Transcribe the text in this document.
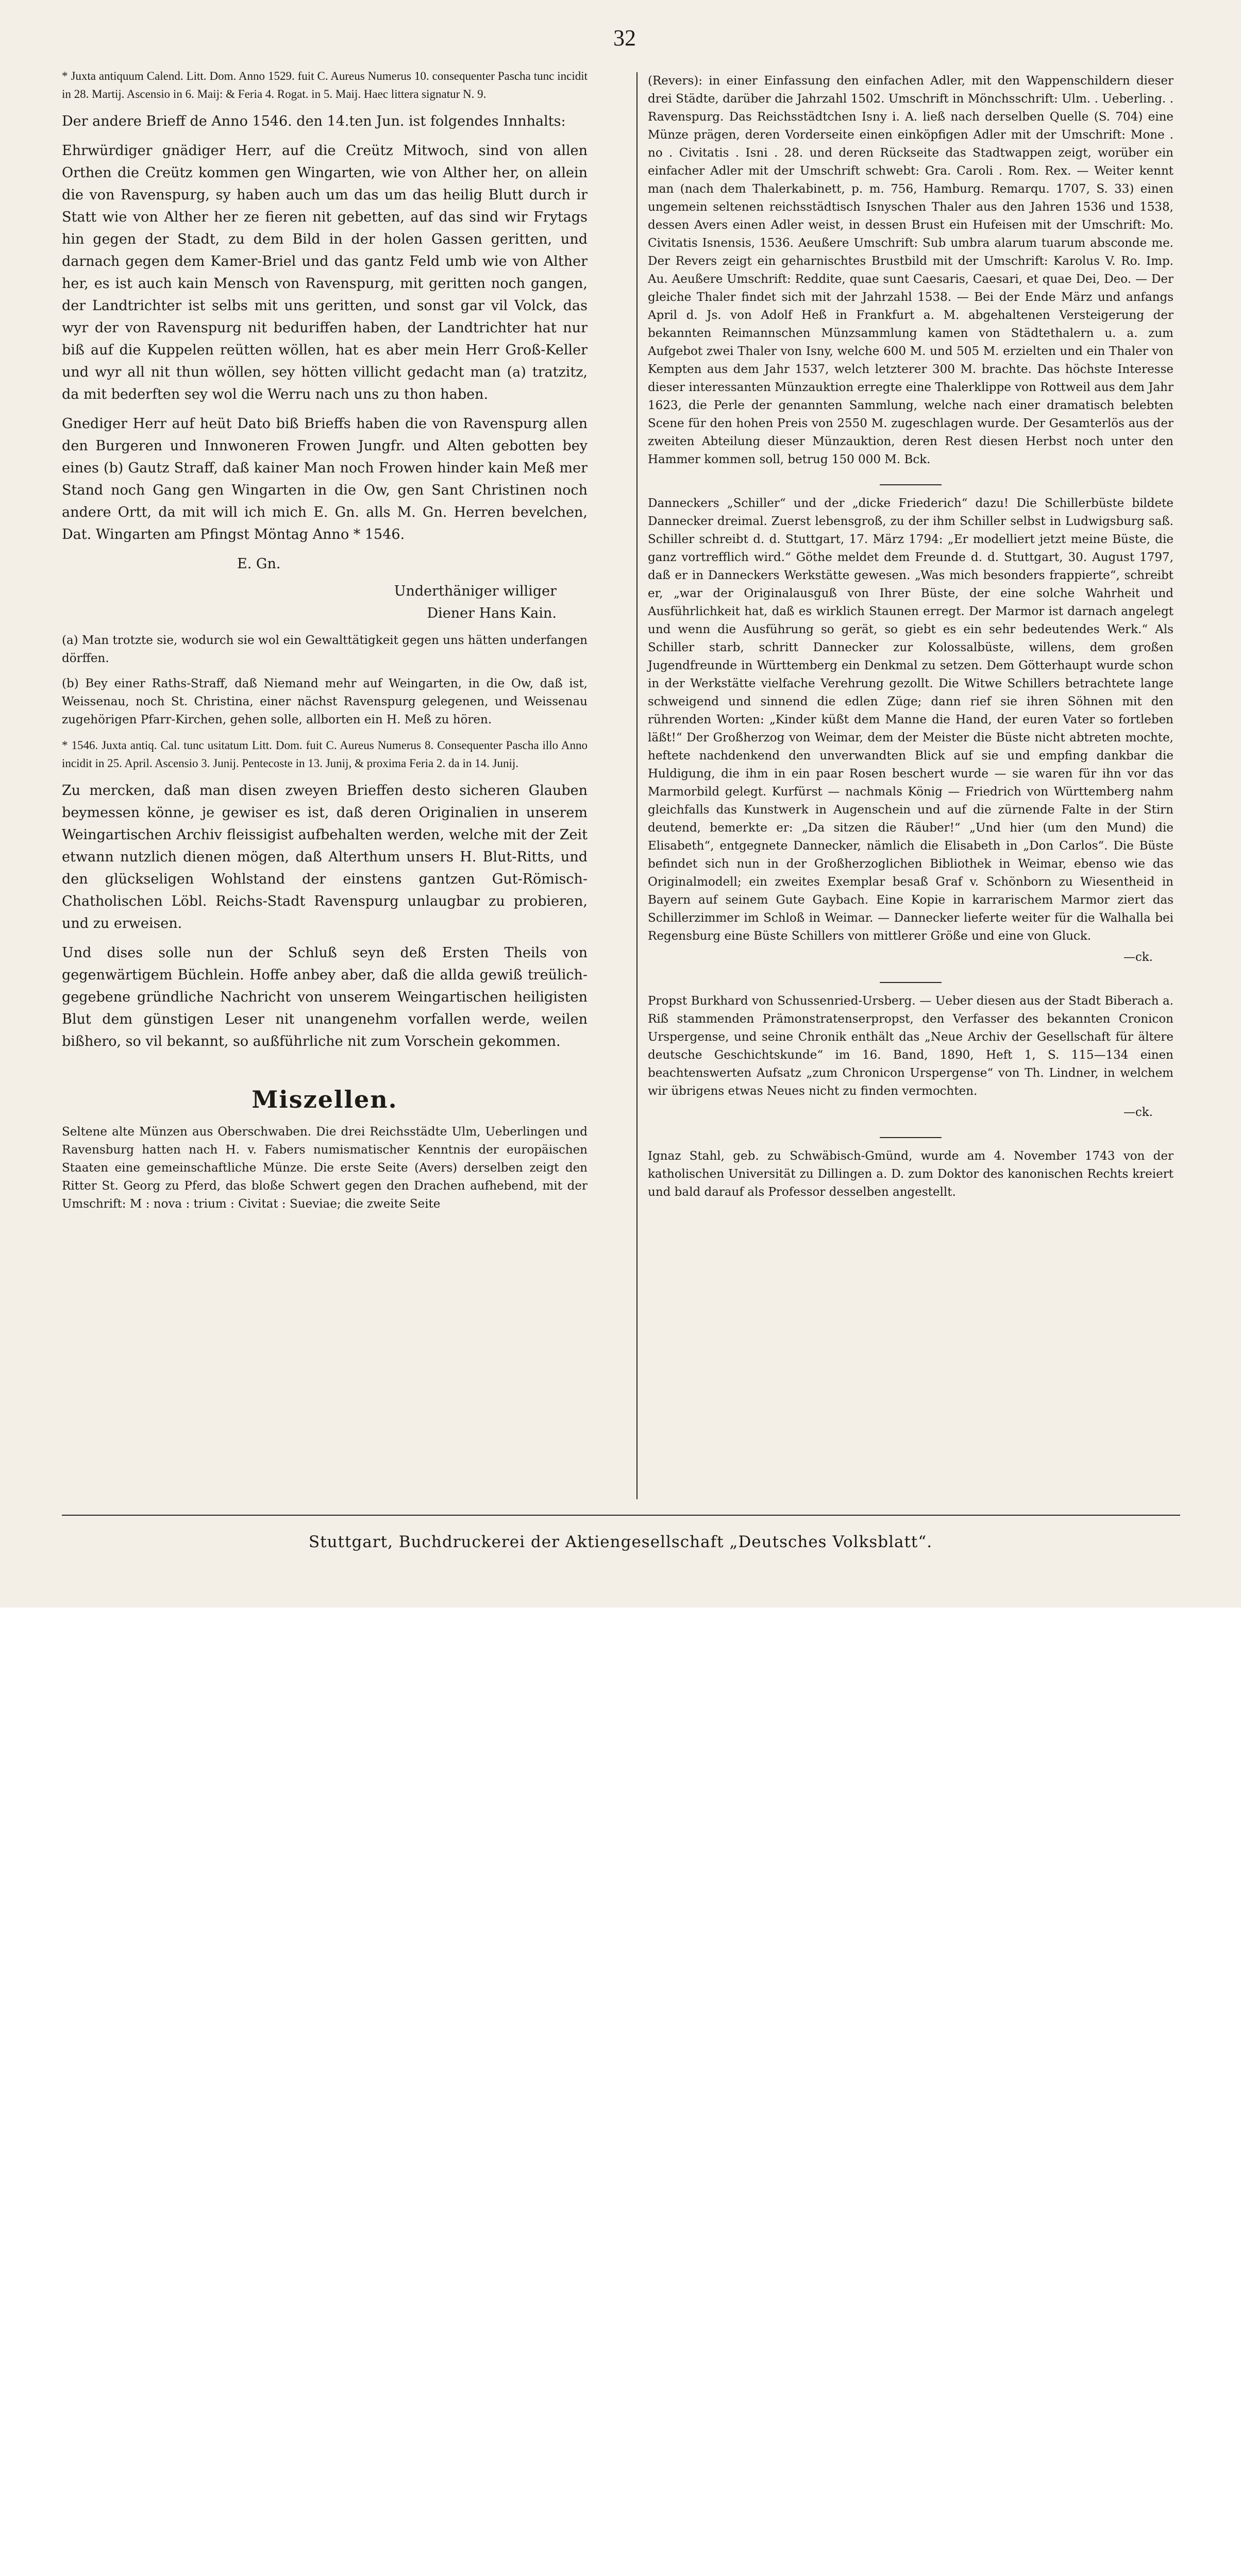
32

* Juxta antiquum Calend. Litt. Dom. Anno 1529. fuit C. Aureus Numerus 10. consequenter Pascha tunc incidit in 28. Martij. Ascensio in 6. Maij: & Feria 4. Rogat. in 5. Maij. Haec littera signatur N. 9.

Der andere Brieff de Anno 1546. den 14.ten Jun. ist folgendes Innhalts:

Ehrwürdiger gnädiger Herr, auf die Creütz Mitwoch, sind von allen Orthen die Creütz kommen gen Wingarten, wie von Alther her, on allein die von Ravenspurg, sy haben auch um das um das heilig Blutt durch ir Statt wie von Alther her ze fieren nit gebetten, auf das sind wir Frytags hin gegen der Stadt, zu dem Bild in der holen Gassen geritten, und darnach gegen dem Kamer-Briel und das gantz Feld umb wie von Alther her, es ist auch kain Mensch von Ravenspurg, mit geritten noch gangen, der Landtrichter ist selbs mit uns geritten, und sonst gar vil Volck, das wyr der von Ravenspurg nit beduriffen haben, der Landtrichter hat nur biß auf die Kuppelen reütten wöllen, hat es aber mein Herr Groß-Keller und wyr all nit thun wöllen, sey hötten villicht gedacht man (a) tratzitz, da mit bederften sey wol die Werru nach uns zu thon haben.

Gnediger Herr auf heüt Dato biß Brieffs haben die von Ravenspurg allen den Burgeren und Innwoneren Frowen Jungfr. und Alten gebotten bey eines (b) Gautz Straff, daß kainer Man noch Frowen hinder kain Meß mer Stand noch Gang gen Wingarten in die Ow, gen Sant Christinen noch andere Ortt, da mit will ich mich E. Gn. alls M. Gn. Herren bevelchen, Dat. Wingarten am Pfingst Möntag Anno * 1546.

E. Gn.

Underthäniger williger

Diener Hans Kain.

(a) Man trotzte sie, wodurch sie wol ein Gewalttätigkeit gegen uns hätten underfangen dörffen.

(b) Bey einer Raths-Straff, daß Niemand mehr auf Weingarten, in die Ow, daß ist, Weissenau, noch St. Christina, einer nächst Ravenspurg gelegenen, und Weissenau zugehörigen Pfarr-Kirchen, gehen solle, allborten ein H. Meß zu hören.

* 1546. Juxta antiq. Cal. tunc usitatum Litt. Dom. fuit C. Aureus Numerus 8. Consequenter Pascha illo Anno incidit in 25. April. Ascensio 3. Junij. Pentecoste in 13. Junij, & proxima Feria 2. da in 14. Junij.

Zu mercken, daß man disen zweyen Brieffen desto sicheren Glauben beymessen könne, je gewiser es ist, daß deren Originalien in unserem Weingartischen Archiv fleissigist aufbehalten werden, welche mit der Zeit etwann nutzlich dienen mögen, daß Alterthum unsers H. Blut-Ritts, und den glückseligen Wohlstand der einstens gantzen Gut-Römisch-Chatholischen Löbl. Reichs-Stadt Ravenspurg unlaugbar zu probieren, und zu erweisen.

Und dises solle nun der Schluß seyn deß Ersten Theils von gegenwärtigem Büchlein. Hoffe anbey aber, daß die allda gewiß treülich-gegebene gründliche Nachricht von unserem Weingartischen heiligisten Blut dem günstigen Leser nit unangenehm vorfallen werde, weilen bißhero, so vil bekannt, so außführliche nit zum Vorschein gekommen.

Miszellen.

Seltene alte Münzen aus Oberschwaben. Die drei Reichsstädte Ulm, Ueberlingen und Ravensburg hatten nach H. v. Fabers numismatischer Kenntnis der europäischen Staaten eine gemeinschaftliche Münze. Die erste Seite (Avers) derselben zeigt den Ritter St. Georg zu Pferd, das bloße Schwert gegen den Drachen aufhebend, mit der Umschrift: M : nova : trium : Civitat : Sueviae; die zweite Seite

(Revers): in einer Einfassung den einfachen Adler, mit den Wappenschildern dieser drei Städte, darüber die Jahrzahl 1502. Umschrift in Mönchsschrift: Ulm. . Ueberling. . Ravenspurg. Das Reichsstädtchen Isny i. A. ließ nach derselben Quelle (S. 704) eine Münze prägen, deren Vorderseite einen einköpfigen Adler mit der Umschrift: Mone . no . Civitatis . Isni . 28. und deren Rückseite das Stadtwappen zeigt, worüber ein einfacher Adler mit der Umschrift schwebt: Gra. Caroli . Rom. Rex. — Weiter kennt man (nach dem Thalerkabinett, p. m. 756, Hamburg. Remarqu. 1707, S. 33) einen ungemein seltenen reichsstädtisch Isnyschen Thaler aus den Jahren 1536 und 1538, dessen Avers einen Adler weist, in dessen Brust ein Hufeisen mit der Umschrift: Mo. Civitatis Isnensis, 1536. Aeußere Umschrift: Sub umbra alarum tuarum absconde me. Der Revers zeigt ein geharnischtes Brustbild mit der Umschrift: Karolus V. Ro. Imp. Au. Aeußere Umschrift: Reddite, quae sunt Caesaris, Caesari, et quae Dei, Deo. — Der gleiche Thaler findet sich mit der Jahrzahl 1538. — Bei der Ende März und anfangs April d. Js. von Adolf Heß in Frankfurt a. M. abgehaltenen Versteigerung der bekannten Reimannschen Münzsammlung kamen von Städtethalern u. a. zum Aufgebot zwei Thaler von Isny, welche 600 M. und 505 M. erzielten und ein Thaler von Kempten aus dem Jahr 1537, welch letzterer 300 M. brachte. Das höchste Interesse dieser interessanten Münzauktion erregte eine Thalerklippe von Rottweil aus dem Jahr 1623, die Perle der genannten Sammlung, welche nach einer dramatisch belebten Scene für den hohen Preis von 2550 M. zugeschlagen wurde. Der Gesamterlös aus der zweiten Abteilung dieser Münzauktion, deren Rest diesen Herbst noch unter den Hammer kommen soll, betrug 150 000 M. Bck.

Danneckers „Schiller“ und der „dicke Friederich“ dazu! Die Schillerbüste bildete Dannecker dreimal. Zuerst lebensgroß, zu der ihm Schiller selbst in Ludwigsburg saß. Schiller schreibt d. d. Stuttgart, 17. März 1794: „Er modelliert jetzt meine Büste, die ganz vortrefflich wird.“ Göthe meldet dem Freunde d. d. Stuttgart, 30. August 1797, daß er in Danneckers Werkstätte gewesen. „Was mich besonders frappierte“, schreibt er, „war der Originalausguß von Ihrer Büste, der eine solche Wahrheit und Ausführlichkeit hat, daß es wirklich Staunen erregt. Der Marmor ist darnach angelegt und wenn die Ausführung so gerät, so giebt es ein sehr bedeutendes Werk.“ Als Schiller starb, schritt Dannecker zur Kolossalbüste, willens, dem großen Jugendfreunde in Württemberg ein Denkmal zu setzen. Dem Götterhaupt wurde schon in der Werkstätte vielfache Verehrung gezollt. Die Witwe Schillers betrachtete lange schweigend und sinnend die edlen Züge; dann rief sie ihren Söhnen mit den rührenden Worten: „Kinder küßt dem Manne die Hand, der euren Vater so fortleben läßt!“ Der Großherzog von Weimar, dem der Meister die Büste nicht abtreten mochte, heftete nachdenkend den unverwandten Blick auf sie und empfing dankbar die Huldigung, die ihm in ein paar Rosen beschert wurde — sie waren für ihn vor das Marmorbild gelegt. Kurfürst — nachmals König — Friedrich von Württemberg nahm gleichfalls das Kunstwerk in Augenschein und auf die zürnende Falte in der Stirn deutend, bemerkte er: „Da sitzen die Räuber!“ „Und hier (um den Mund) die Elisabeth“, entgegnete Dannecker, nämlich die Elisabeth in „Don Carlos“. Die Büste befindet sich nun in der Großherzoglichen Bibliothek in Weimar, ebenso wie das Originalmodell; ein zweites Exemplar besaß Graf v. Schönborn zu Wiesentheid in Bayern auf seinem Gute Gaybach. Eine Kopie in karrarischem Marmor ziert das Schillerzimmer im Schloß in Weimar. — Dannecker lieferte weiter für die Walhalla bei Regensburg eine Büste Schillers von mittlerer Größe und eine von Gluck.

—ck.

Propst Burkhard von Schussenried-Ursberg. — Ueber diesen aus der Stadt Biberach a. Riß stammenden Prämonstratenserpropst, den Verfasser des bekannten Cronicon Urspergense, und seine Chronik enthält das „Neue Archiv der Gesellschaft für ältere deutsche Geschichtskunde“ im 16. Band, 1890, Heft 1, S. 115—134 einen beachtenswerten Aufsatz „zum Chronicon Urspergense“ von Th. Lindner, in welchem wir übrigens etwas Neues nicht zu finden vermochten.

—ck.

Ignaz Stahl, geb. zu Schwäbisch-Gmünd, wurde am 4. November 1743 von der katholischen Universität zu Dillingen a. D. zum Doktor des kanonischen Rechts kreiert und bald darauf als Professor desselben angestellt.

Stuttgart, Buchdruckerei der Aktiengesellschaft „Deutsches Volksblatt“.
